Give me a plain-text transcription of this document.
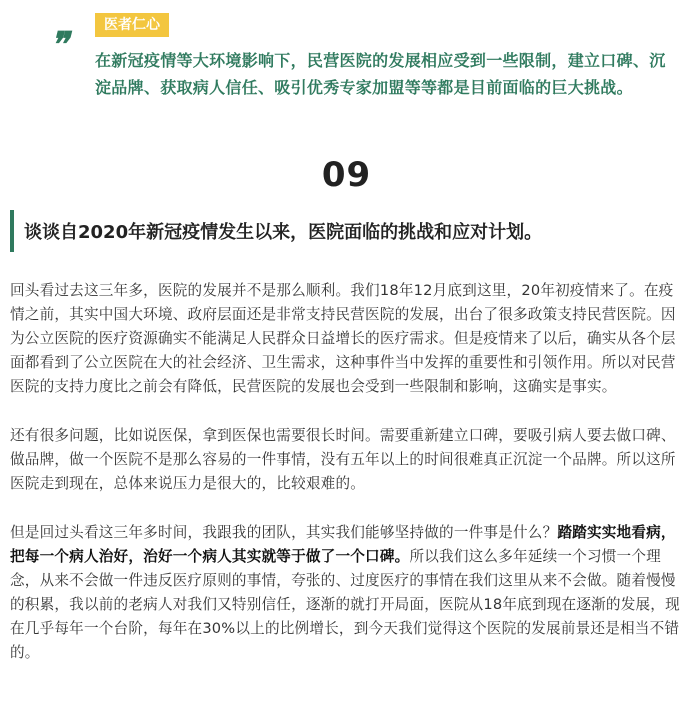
❞	医者仁心
在新冠疫情等大环境影响下，民营医院的发展相应受到一些限制，建立口碑、沉淀品牌、获取病人信任、吸引优秀专家加盟等等都是目前面临的巨大挑战。
09
谈谈自2020年新冠疫情发生以来，医院面临的挑战和应对计划。

回头看过去这三年多，医院的发展并不是那么顺利。我们18年12月底到这里，20年初疫情来了。在疫情之前，其实中国大环境、政府层面还是非常支持民营医院的发展，出台了很多政策支持民营医院。因为公立医院的医疗资源确实不能满足人民群众日益增长的医疗需求。但是疫情来了以后，确实从各个层面都看到了公立医院在大的社会经济、卫生需求，这种事件当中发挥的重要性和引领作用。所以对民营医院的支持力度比之前会有降低，民营医院的发展也会受到一些限制和影响，这确实是事实。

还有很多问题，比如说医保，拿到医保也需要很长时间。需要重新建立口碑，要吸引病人要去做口碑、做品牌，做一个医院不是那么容易的一件事情，没有五年以上的时间很难真正沉淀一个品牌。所以这所医院走到现在，总体来说压力是很大的，比较艰难的。

但是回过头看这三年多时间，我跟我的团队，其实我们能够坚持做的一件事是什么？踏踏实实地看病，把每一个病人治好，治好一个病人其实就等于做了一个口碑。所以我们这么多年延续一个习惯一个理念，从来不会做一件违反医疗原则的事情，夸张的、过度医疗的事情在我们这里从来不会做。随着慢慢的积累，我以前的老病人对我们又特别信任，逐渐的就打开局面，医院从18年底到现在逐渐的发展，现在几乎每年一个台阶，每年在30%以上的比例增长，到今天我们觉得这个医院的发展前景还是相当不错的。
